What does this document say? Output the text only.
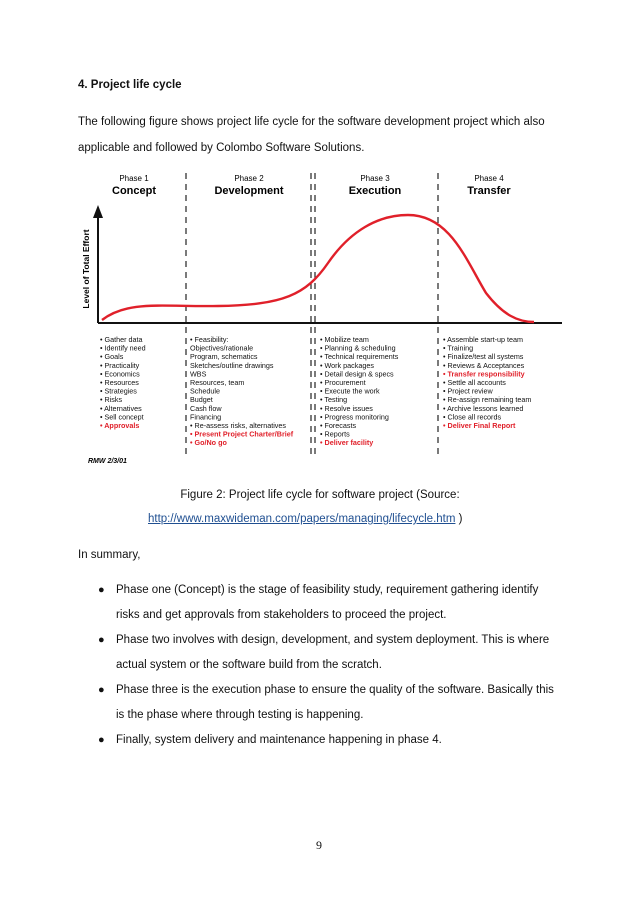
4. Project life cycle
The following figure shows project life cycle for the software development project which also
applicable and followed by Colombo Software Solutions.
Phase 1
Concept
Phase 2
Development
Phase 3
Execution
Phase 4
Transfer
Level of Total Effort
• Gather data
• Identify need
• Goals
• Practicality
• Economics
• Resources
• Strategies
• Risks
• Alternatives
• Sell concept
• Approvals
• Feasibility:
Objectives/rationale
Program, schematics
Sketches/outline drawings
WBS
Resources, team
Schedule
Budget
Cash flow
Financing
• Re-assess risks, alternatives
• Present Project Charter/Brief
• Go/No go
• Mobilize team
• Planning & scheduling
• Technical requirements
• Work packages
• Detail design & specs
• Procurement
• Execute the work
• Testing
• Resolve issues
• Progress monitoring
• Forecasts
• Reports
• Deliver facility
• Assemble start-up team
• Training
• Finalize/test all systems
• Reviews & Acceptances
• Transfer responsibility
• Settle all accounts
• Project review
• Re-assign remaining team
• Archive lessons learned
• Close all records
• Deliver Final Report
RMW 2/3/01
Figure 2: Project life cycle for software project (Source:
http://www.maxwideman.com/papers/managing/lifecycle.htm )
In summary,
● Phase one (Concept) is the stage of feasibility study, requirement gathering identify
risks and get approvals from stakeholders to proceed the project.
● Phase two involves with design, development, and system deployment. This is where
actual system or the software build from the scratch.
● Phase three is the execution phase to ensure the quality of the software. Basically this
is the phase where through testing is happening.
● Finally, system delivery and maintenance happening in phase 4.
9
